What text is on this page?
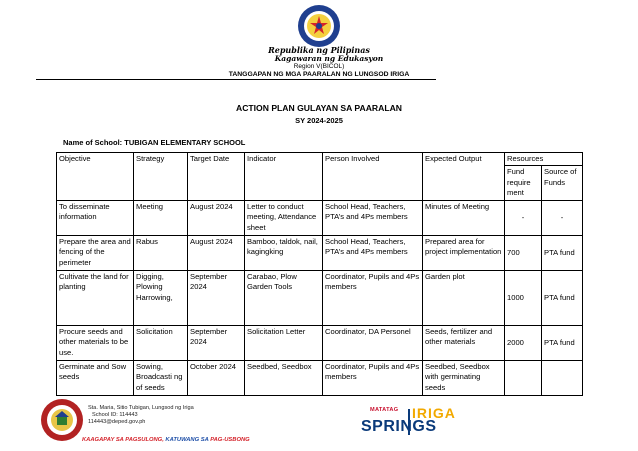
Republika ng Pilipinas
Kagawaran ng Edukasyon
Region V(BICOL)
TANGGAPAN NG MGA PAARALAN NG LUNGSOD IRIGA
ACTION PLAN GULAYAN SA PAARALAN
SY 2024-2025
Name of School: TUBIGAN ELEMENTARY SCHOOL
Objective	Strategy	Target Date	Indicator	Person Involved	Expected Output	Resources	
						Fund require ment	Source of Funds
To disseminate information	Meeting	August 2024	Letter to conduct meeting, Attendance sheet	School Head, Teachers, PTA’s and 4Ps members	Minutes of Meeting	-	-
Prepare the area and fencing of the perimeter	Rabus	August 2024	Bamboo, taldok, nail, kagingking	School Head, Teachers, PTA’s and 4Ps members	Prepared area for project implementation	700	PTA fund
Cultivate the land for planting	Digging, Plowing Harrowing,	September 2024	Carabao, Plow Garden Tools	Coordinator, Pupils and 4Ps members	Garden plot	1000	PTA fund
Procure seeds and other materials to be use.	Solicitation	September 2024	Solicitation Letter	Coordinator, DA Personel	Seeds, fertilizer and other materials	2000	PTA fund
Germinate and Sow seeds	Sowing, Broadcasti ng of seeds	October 2024	Seedbed, Seedbox	Coordinator, Pupils and 4Ps members	Seedbed, Seedbox with germinating seeds		
Sta. Maria, Sitio Tubigan, Lungsod ng Iriga
School ID: 114443
114443@deped.gov.ph
KAAGAPAY SA PAGSULONG, KATUWANG SA PAG-USBONG
MATATAG IRIGA
SPRINGS
